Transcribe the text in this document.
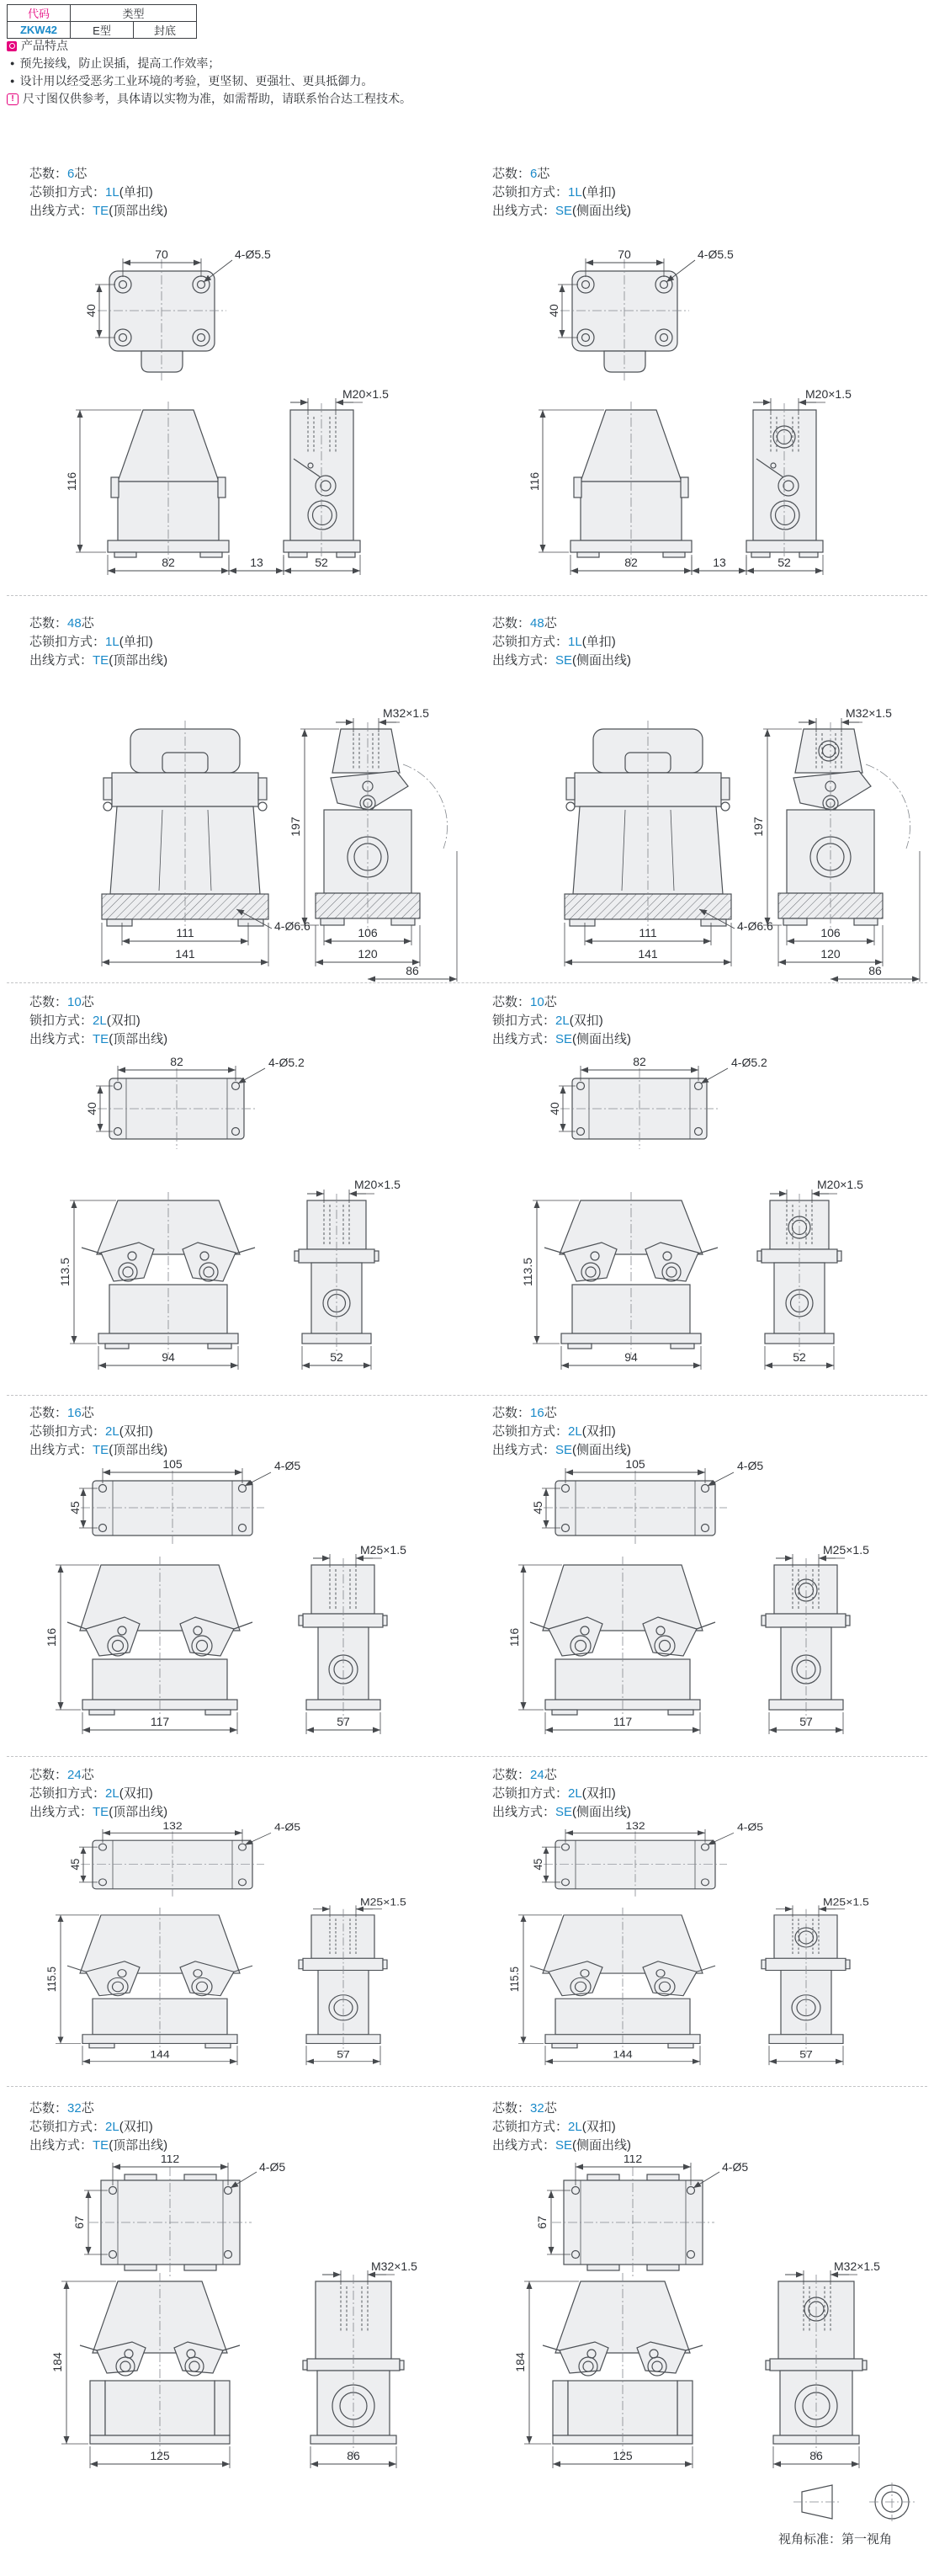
代码	类型	
ZKW42	E型	封底
产品特点
● 预先接线，防止误插，提高工作效率；
● 设计用以经受恶劣工业环境的考验，更坚韧、更强壮、更具抵御力。
! 尺寸图仅供参考，具体请以实物为准，如需帮助，请联系怡合达工程技术。
芯数：6芯
芯锁扣方式：1L(单扣)
出线方式：TE(顶部出线)
70	4-Ø5.5
40
116
82	13
M20×1.5
52
芯数：6芯
芯锁扣方式：1L(单扣)
出线方式：SE(侧面出线)
70	4-Ø5.5
40
116
82	13
M20×1.5
52
芯数：48芯
芯锁扣方式：1L(单扣)
出线方式：TE(顶部出线)
M32×1.5
197
111
141
4-Ø6.6	106
120
86
芯数：48芯
芯锁扣方式：1L(单扣)
出线方式：SE(侧面出线)
M32×1.5
197
111
141
4-Ø6.6	106
120
86
芯数：10芯
锁扣方式：2L(双扣)
出线方式：TE(顶部出线)
82	4-Ø5.2
40
113.5
94
M20×1.5
52
芯数：10芯
锁扣方式：2L(双扣)
出线方式：SE(侧面出线)
82	4-Ø5.2
40
113.5
94
M20×1.5
52
芯数：16芯
芯锁扣方式：2L(双扣)
出线方式：TE(顶部出线)
105	4-Ø5
45
116
117
M25×1.5
57
芯数：16芯
芯锁扣方式：2L(双扣)
出线方式：SE(侧面出线)
105	4-Ø5
45
116
117
M25×1.5
57
芯数：24芯
芯锁扣方式：2L(双扣)
出线方式：TE(顶部出线)
132	4-Ø5
45
115.5
144
M25×1.5
57
芯数：24芯
芯锁扣方式：2L(双扣)
出线方式：SE(侧面出线)
132	4-Ø5
45
115.5
144
M25×1.5
57
芯数：32芯
芯锁扣方式：2L(双扣)
出线方式：TE(顶部出线)
112
4-Ø5
67
184
125
M32×1.5
86
芯数：32芯
芯锁扣方式：2L(双扣)
出线方式：SE(侧面出线)
112
4-Ø5
67
184
125
M32×1.5
86
视角标准：第一视角
